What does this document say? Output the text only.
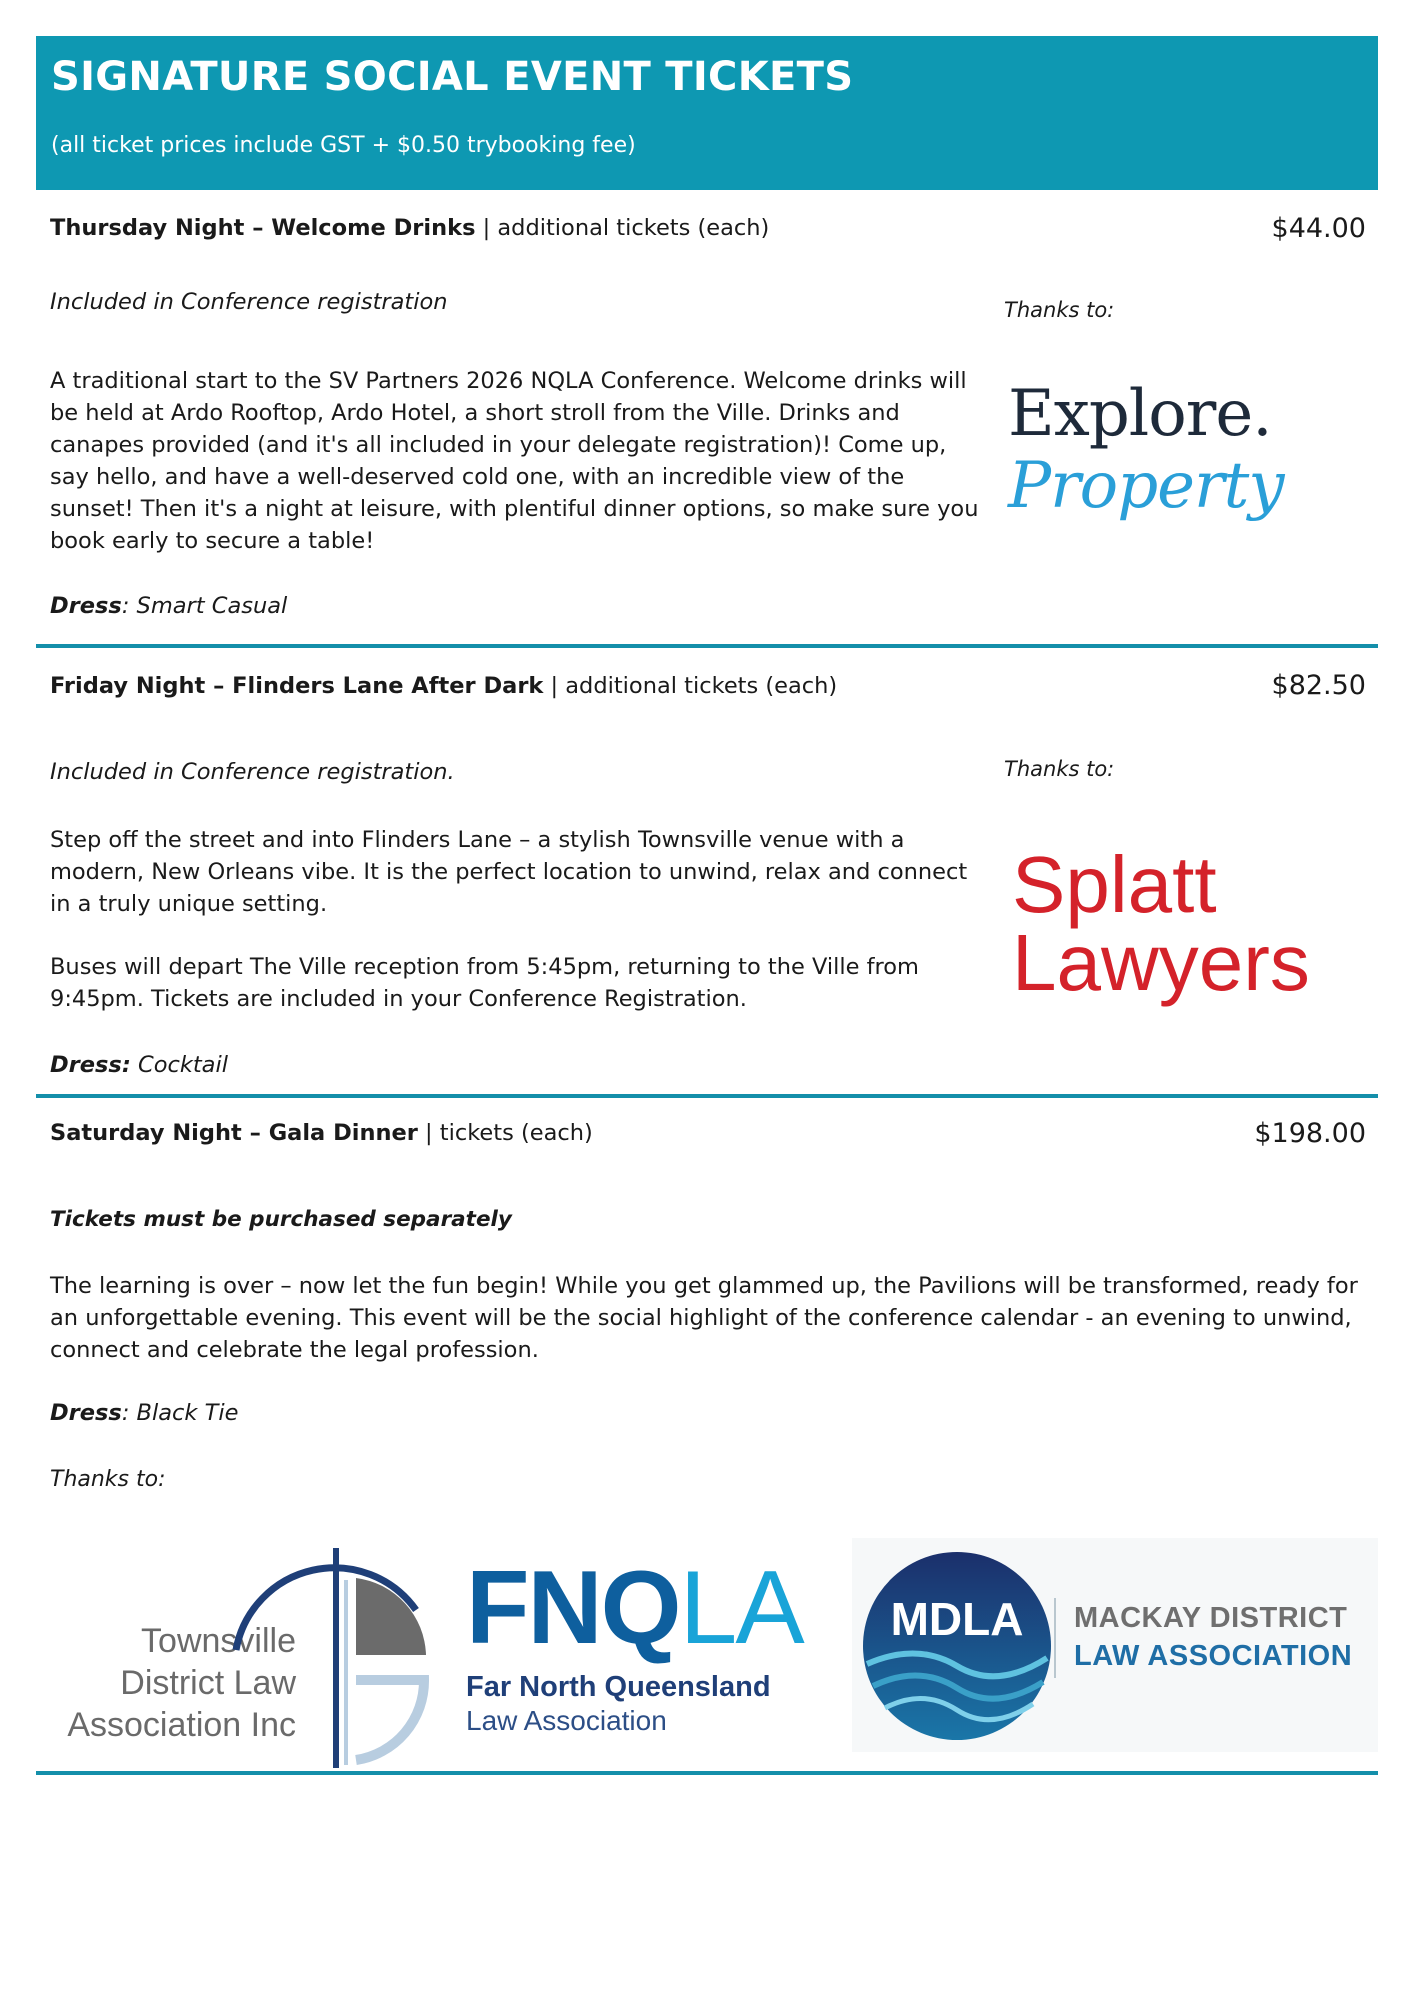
SIGNATURE SOCIAL EVENT TICKETS
(all ticket prices include GST + $0.50 trybooking fee)
Thursday Night – Welcome Drinks | additional tickets (each)	$44.00
Included in Conference registration	Thanks to:
A traditional start to the SV Partners 2026 NQLA Conference. Welcome drinks will be held at Ardo Rooftop, Ardo Hotel, a short stroll from the Ville. Drinks and canapes provided (and it's all included in your delegate registration)! Come up, say hello, and have a well-deserved cold one, with an incredible view of the sunset! Then it's a night at leisure, with plentiful dinner options, so make sure you book early to secure a table!
Dress: Smart Casual
Explore.
Property
Friday Night – Flinders Lane After Dark | additional tickets (each)	$82.50
Included in Conference registration.	Thanks to:
Step off the street and into Flinders Lane – a stylish Townsville venue with a modern, New Orleans vibe. It is the perfect location to unwind, relax and connect in a truly unique setting.
Buses will depart The Ville reception from 5:45pm, returning to the Ville from 9:45pm. Tickets are included in your Conference Registration.
Dress: Cocktail
Splatt
Lawyers
Saturday Night – Gala Dinner | tickets (each)	$198.00
Tickets must be purchased separately
The learning is over – now let the fun begin! While you get glammed up, the Pavilions will be transformed, ready for an unforgettable evening. This event will be the social highlight of the conference calendar - an evening to unwind, connect and celebrate the legal profession.
Dress: Black Tie
Thanks to:
Townsville
District Law
Association Inc
FNQLA
Far North Queensland
Law Association
MDLA	MACKAY DISTRICT
LAW ASSOCIATION
